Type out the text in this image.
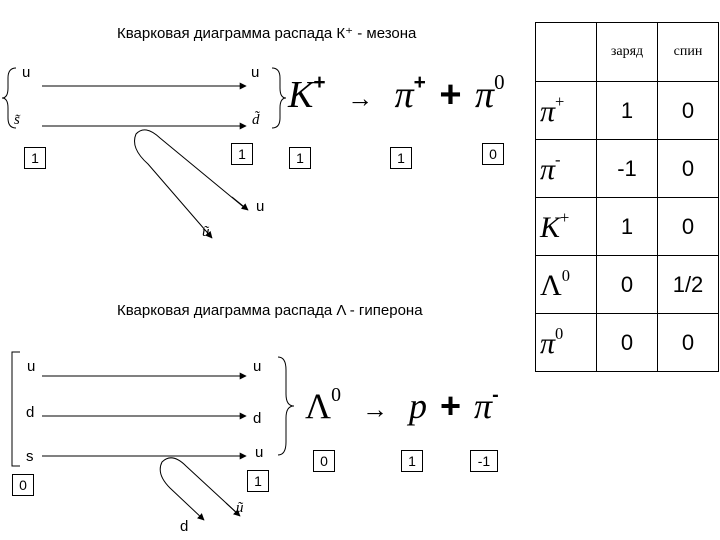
Кварковая диаграмма распада К⁺ - мезона
u
s̃
u
d̃
u
ũ
1	1	1	1	0
$K^+ \to \pi^+ + \pi^0$
Кварковая диаграмма распада Λ - гиперона
u
d
s
u
d
u
d
ũ
0	1
0	1	-1
$\Lambda^0 \to p + \pi^-$
	заряд	спин
π+	1	0
π-	-1	0
K+	1	0
$\Lambda^0$	0	1/2
$\pi^0$	0	0
